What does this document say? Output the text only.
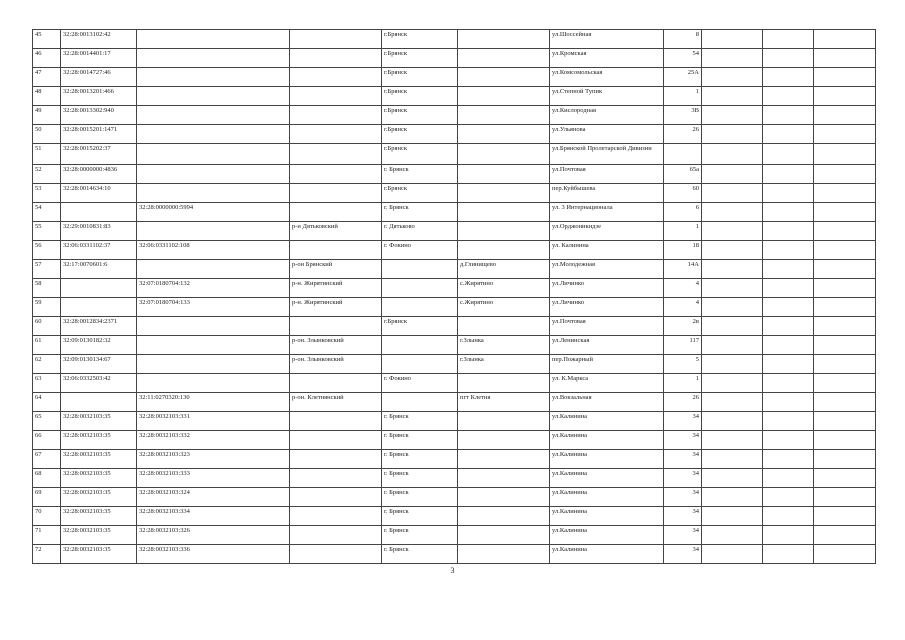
45	32:28:0013102:42			г.Брянск		ул.Шоссейная	8			
46	32:28:0014401:17			г.Брянск		ул.Кромская	54			
47	32:28:0014727:46			г.Брянск		ул.Комсомольская	25А			
48	32:28:0013201:466			г.Брянск		ул.Степной Тупик	1			
49	32:28:0013302:940			г.Брянск		ул.Кислородная	3В			
50	32:28:0015201:1471			г.Брянск		ул.Ульянова	26			
51	32:28:0015202:37			г.Брянск		ул.Брянской Пролетарской Дивизии				
52	32:28:0000000:4836			г. Брянск		ул.Почтовая	65а			
53	32:28:0014634:10			г.Брянск		пер.Куйбышева	60			
54		32:28:0000000:5994		г. Брянск		ул. 3 Интернационала	6			
55	32:29:0010831:83		р-н Дятьковский	г. Дятьково		ул.Орджоникидзе	1			
56	32:06:0331102:37	32:06:0331102:108		г. Фокино		ул. Калинина	18			
57	32:17:0070601:6		р-он Брянский		д.Глинищево	ул.Молодежная	14А			
58		32:07:0180704:132	р-н. Жирятинский		с.Жирятино	ул.Личинко	4			
59		32:07:0180704:133	р-н. Жирятинский		с.Жирятино	ул.Личинко	4			
60	32:28:0012834:2371			г.Брянск		ул.Почтовая	2в			
61	32:09:0130182:32		р-он. Злынковский		г.Злынка	ул.Ленинская	117			
62	32:09:0130134:67		р-он. Злынковский		г.Злынка	пер.Пожарный	5			
63	32:06:0332503:42			г. Фокино		ул. К.Маркса	1			
64		32:11:0270320:130	р-он. Клетнянский		пгт Клетня	ул.Вокзальная	26			
65	32:28:0032103:35	32:28:0032103:331		г. Брянск		ул.Калинина	34			
66	32:28:0032103:35	32:28:0032103:332		г. Брянск		ул.Калинина	34			
67	32:28:0032103:35	32:28:0032103:323		г. Брянск		ул.Калинина	34			
68	32:28:0032103:35	32:28:0032103:333		г. Брянск		ул.Калинина	34			
69	32:28:0032103:35	32:28:0032103:324		г. Брянск		ул.Калинина	34			
70	32:28:0032103:35	32:28:0032103:334		г. Брянск		ул.Калинина	34			
71	32:28:0032103:35	32:28:0032103:326		г. Брянск		ул.Калинина	34			
72	32:28:0032103:35	32:28:0032103:336		г. Брянск		ул.Калинина	34			
3
